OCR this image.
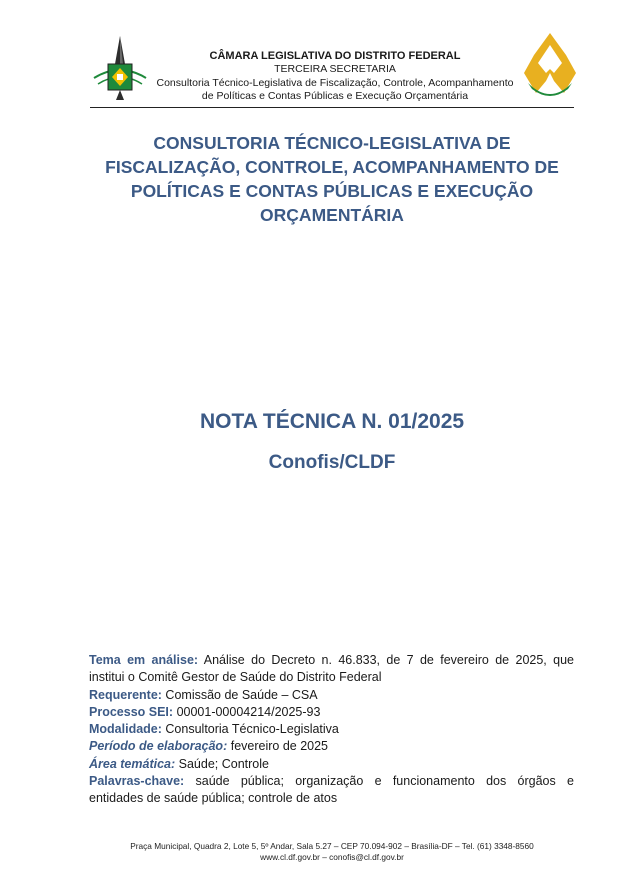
CÂMARA LEGISLATIVA DO DISTRITO FEDERAL
TERCEIRA SECRETARIA
Consultoria Técnico-Legislativa de Fiscalização, Controle, Acompanhamento
de Políticas e Contas Públicas e Execução Orçamentária
CONSULTORIA TÉCNICO-LEGISLATIVA DE
FISCALIZAÇÃO, CONTROLE, ACOMPANHAMENTO DE
POLÍTICAS E CONTAS PÚBLICAS E EXECUÇÃO
ORÇAMENTÁRIA
NOTA TÉCNICA N. 01/2025
Conofis/CLDF
Tema em análise: Análise do Decreto n. 46.833, de 7 de fevereiro de 2025, que
institui o Comitê Gestor de Saúde do Distrito Federal
Requerente: Comissão de Saúde – CSA
Processo SEI: 00001-00004214/2025-93
Modalidade: Consultoria Técnico-Legislativa
Período de elaboração: fevereiro de 2025
Área temática: Saúde; Controle
Palavras-chave: saúde pública; organização e funcionamento dos órgãos e
entidades de saúde pública; controle de atos
Praça Municipal, Quadra 2, Lote 5, 5º Andar, Sala 5.27 – CEP 70.094-902 – Brasília-DF – Tel. (61) 3348-8560
www.cl.df.gov.br – conofis@cl.df.gov.br
